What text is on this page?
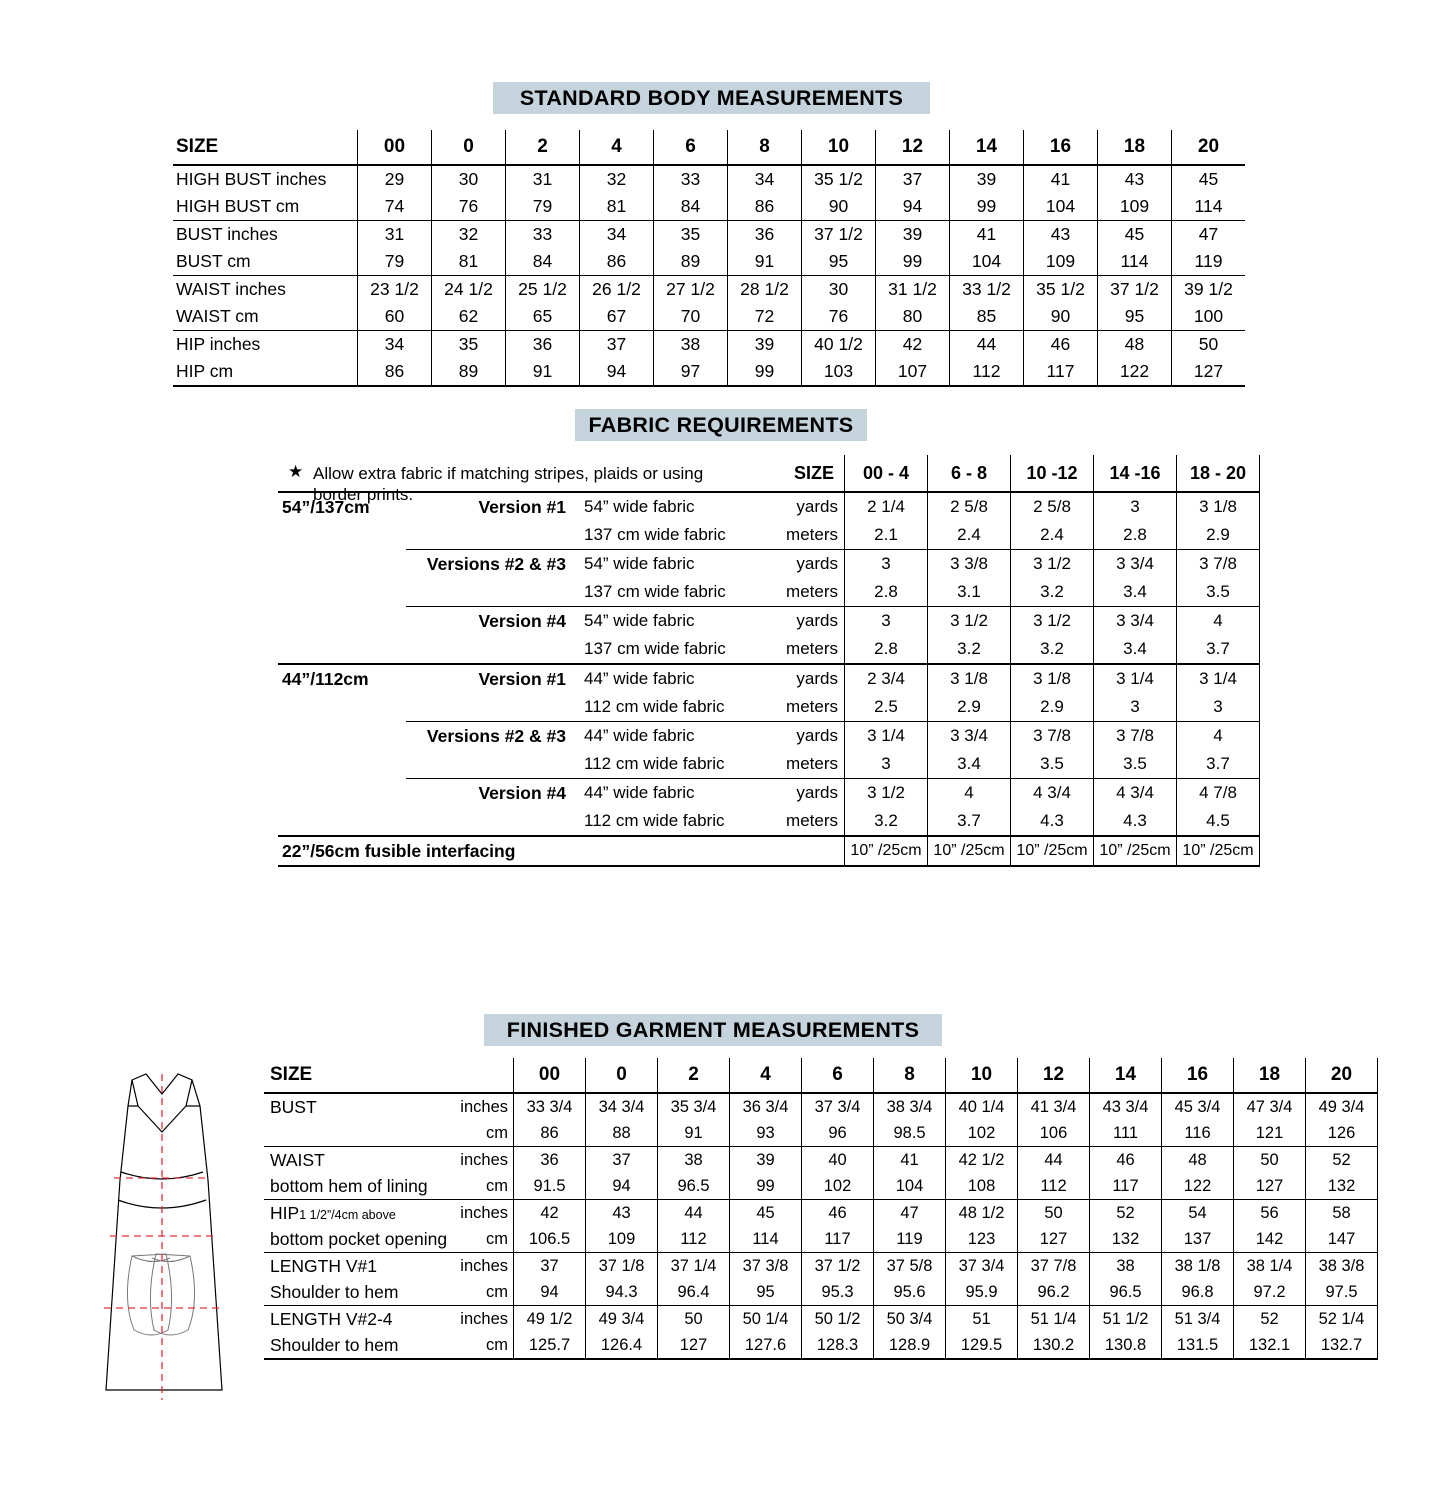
STANDARD BODY MEASUREMENTS
SIZE	00	0	2	4	6	8	10	12	14	16	18	20
HIGH BUST inches	29	30	31	32	33	34	35 1/2	37	39	41	43	45
HIGH BUST cm	74	76	79	81	84	86	90	94	99	104	109	114
BUST inches	31	32	33	34	35	36	37 1/2	39	41	43	45	47
BUST cm	79	81	84	86	89	91	95	99	104	109	114	119
WAIST inches	23 1/2	24 1/2	25 1/2	26 1/2	27 1/2	28 1/2	30	31 1/2	33 1/2	35 1/2	37 1/2	39 1/2
WAIST cm	60	62	65	67	70	72	76	80	85	90	95	100
HIP inches	34	35	36	37	38	39	40 1/2	42	44	46	48	50
HIP cm	86	89	91	94	97	99	103	107	112	117	122	127
FABRIC REQUIREMENTS
★ Allow extra fabric if matching stripes, plaids or using border prints.
			SIZE	00 - 4	6 - 8	10 -12	14 -16	18 - 20
54”/137cm	Version #1	54” wide fabric	yards	2 1/4	2 5/8	2 5/8	3	3 1/8
		137 cm wide fabric	meters	2.1	2.4	2.4	2.8	2.9
	Versions #2 & #3	54” wide fabric	yards	3	3 3/8	3 1/2	3 3/4	3 7/8
		137 cm wide fabric	meters	2.8	3.1	3.2	3.4	3.5
	Version #4	54” wide fabric	yards	3	3 1/2	3 1/2	3 3/4	4
		137 cm wide fabric	meters	2.8	3.2	3.2	3.4	3.7
44”/112cm	Version #1	44” wide fabric	yards	2 3/4	3 1/8	3 1/8	3 1/4	3 1/4
		112 cm wide fabric	meters	2.5	2.9	2.9	3	3
	Versions #2 & #3	44” wide fabric	yards	3 1/4	3 3/4	3 7/8	3 7/8	4
		112 cm wide fabric	meters	3	3.4	3.5	3.5	3.7
	Version #4	44” wide fabric	yards	3 1/2	4	4 3/4	4 3/4	4 7/8
		112 cm wide fabric	meters	3.2	3.7	4.3	4.3	4.5
22”/56cm fusible interfacing				10” /25cm	10” /25cm	10” /25cm	10” /25cm	10” /25cm
FINISHED GARMENT MEASUREMENTS
SIZE		00	0	2	4	6	8	10	12	14	16	18	20
BUST	inches	33 3/4	34 3/4	35 3/4	36 3/4	37 3/4	38 3/4	40 1/4	41 3/4	43 3/4	45 3/4	47 3/4	49 3/4
	cm	86	88	91	93	96	98.5	102	106	111	116	121	126
WAIST	inches	36	37	38	39	40	41	42 1/2	44	46	48	50	52
bottom hem of lining	cm	91.5	94	96.5	99	102	104	108	112	117	122	127	132
HIP1 1/2”/4cm above	inches	42	43	44	45	46	47	48 1/2	50	52	54	56	58
bottom pocket opening	cm	106.5	109	112	114	117	119	123	127	132	137	142	147
LENGTH V#1	inches	37	37 1/8	37 1/4	37 3/8	37 1/2	37 5/8	37 3/4	37 7/8	38	38 1/8	38 1/4	38 3/8
Shoulder to hem	cm	94	94.3	96.4	95	95.3	95.6	95.9	96.2	96.5	96.8	97.2	97.5
LENGTH V#2-4	inches	49 1/2	49 3/4	50	50 1/4	50 1/2	50 3/4	51	51 1/4	51 1/2	51 3/4	52	52 1/4
Shoulder to hem	cm	125.7	126.4	127	127.6	128.3	128.9	129.5	130.2	130.8	131.5	132.1	132.7
